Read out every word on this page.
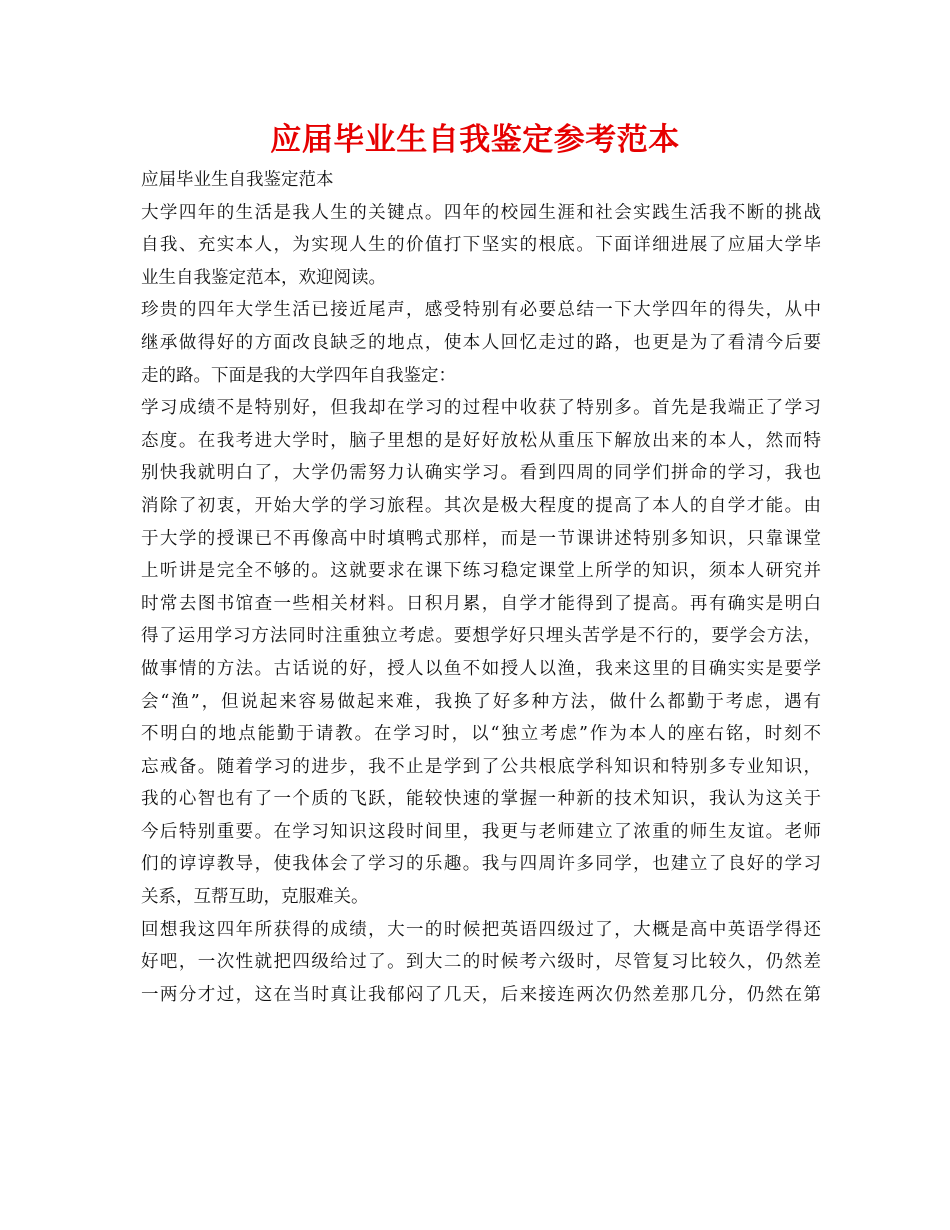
应届毕业生自我鉴定参考范本
应届毕业生自我鉴定范本
大学四年的生活是我人生的关键点。四年的校园生涯和社会实践生活我不断的挑战
自我、充实本人，为实现人生的价值打下坚实的根底。下面详细进展了应届大学毕
业生自我鉴定范本，欢迎阅读。
珍贵的四年大学生活已接近尾声，感受特别有必要总结一下大学四年的得失，从中
继承做得好的方面改良缺乏的地点，使本人回忆走过的路，也更是为了看清今后要
走的路。下面是我的大学四年自我鉴定：
学习成绩不是特别好，但我却在学习的过程中收获了特别多。首先是我端正了学习
态度。在我考进大学时，脑子里想的是好好放松从重压下解放出来的本人，然而特
别快我就明白了，大学仍需努力认确实学习。看到四周的同学们拼命的学习，我也
消除了初衷，开始大学的学习旅程。其次是极大程度的提高了本人的自学才能。由
于大学的授课已不再像高中时填鸭式那样，而是一节课讲述特别多知识，只靠课堂
上听讲是完全不够的。这就要求在课下练习稳定课堂上所学的知识，须本人研究并
时常去图书馆查一些相关材料。日积月累，自学才能得到了提高。再有确实是明白
得了运用学习方法同时注重独立考虑。要想学好只埋头苦学是不行的，要学会方法，
做事情的方法。古话说的好，授人以鱼不如授人以渔，我来这里的目确实实是要学
会“渔”，但说起来容易做起来难，我换了好多种方法，做什么都勤于考虑，遇有
不明白的地点能勤于请教。在学习时，以“独立考虑”作为本人的座右铭，时刻不
忘戒备。随着学习的进步，我不止是学到了公共根底学科知识和特别多专业知识，
我的心智也有了一个质的飞跃，能较快速的掌握一种新的技术知识，我认为这关于
今后特别重要。在学习知识这段时间里，我更与老师建立了浓重的师生友谊。老师
们的谆谆教导，使我体会了学习的乐趣。我与四周许多同学，也建立了良好的学习
关系，互帮互助，克服难关。
回想我这四年所获得的成绩，大一的时候把英语四级过了，大概是高中英语学得还
好吧，一次性就把四级给过了。到大二的时候考六级时，尽管复习比较久，仍然差
一两分才过，这在当时真让我郁闷了几天，后来接连两次仍然差那几分，仍然在第
